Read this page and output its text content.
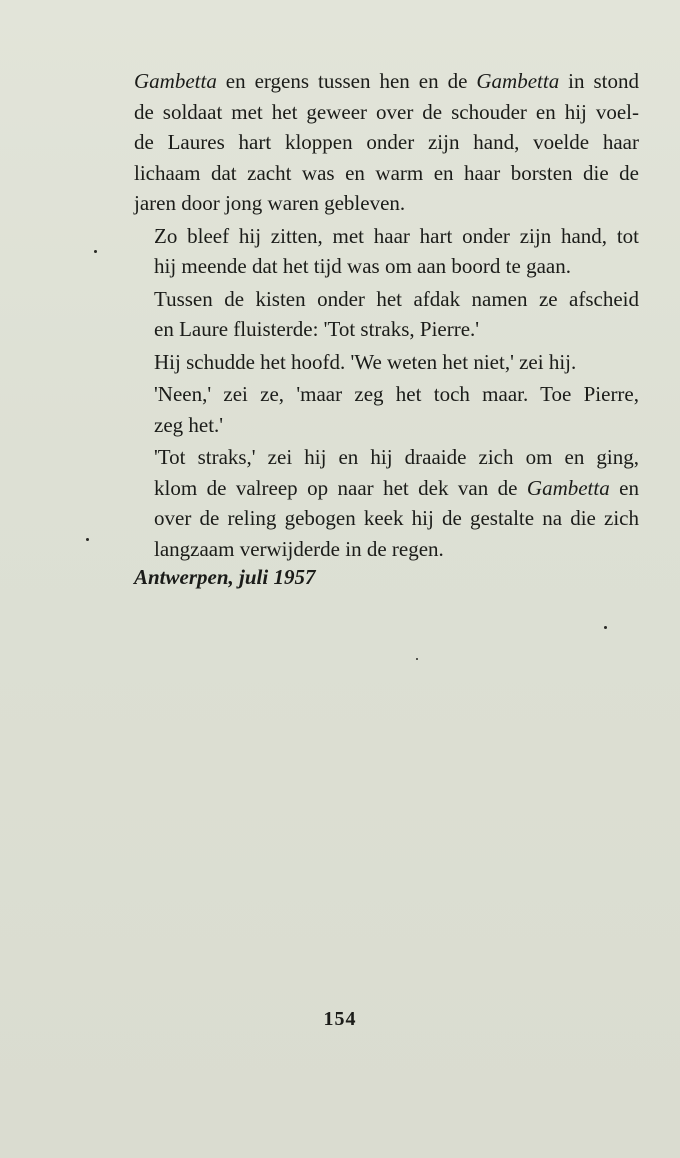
Gambetta en ergens tussen hen en de Gambetta in stond
de soldaat met het geweer over de schouder en hij voel-
de Laures hart kloppen onder zijn hand, voelde haar
lichaam dat zacht was en warm en haar borsten die de
jaren door jong waren gebleven.

Zo bleef hij zitten, met haar hart onder zijn hand, tot
hij meende dat het tijd was om aan boord te gaan.

Tussen de kisten onder het afdak namen ze afscheid
en Laure fluisterde: 'Tot straks, Pierre.'

Hij schudde het hoofd. 'We weten het niet,' zei hij.

'Neen,' zei ze, 'maar zeg het toch maar. Toe Pierre,
zeg het.'

'Tot straks,' zei hij en hij draaide zich om en ging,
klom de valreep op naar het dek van de Gambetta en
over de reling gebogen keek hij de gestalte na die zich
langzaam verwijderde in de regen.

Antwerpen, juli 1957
154
